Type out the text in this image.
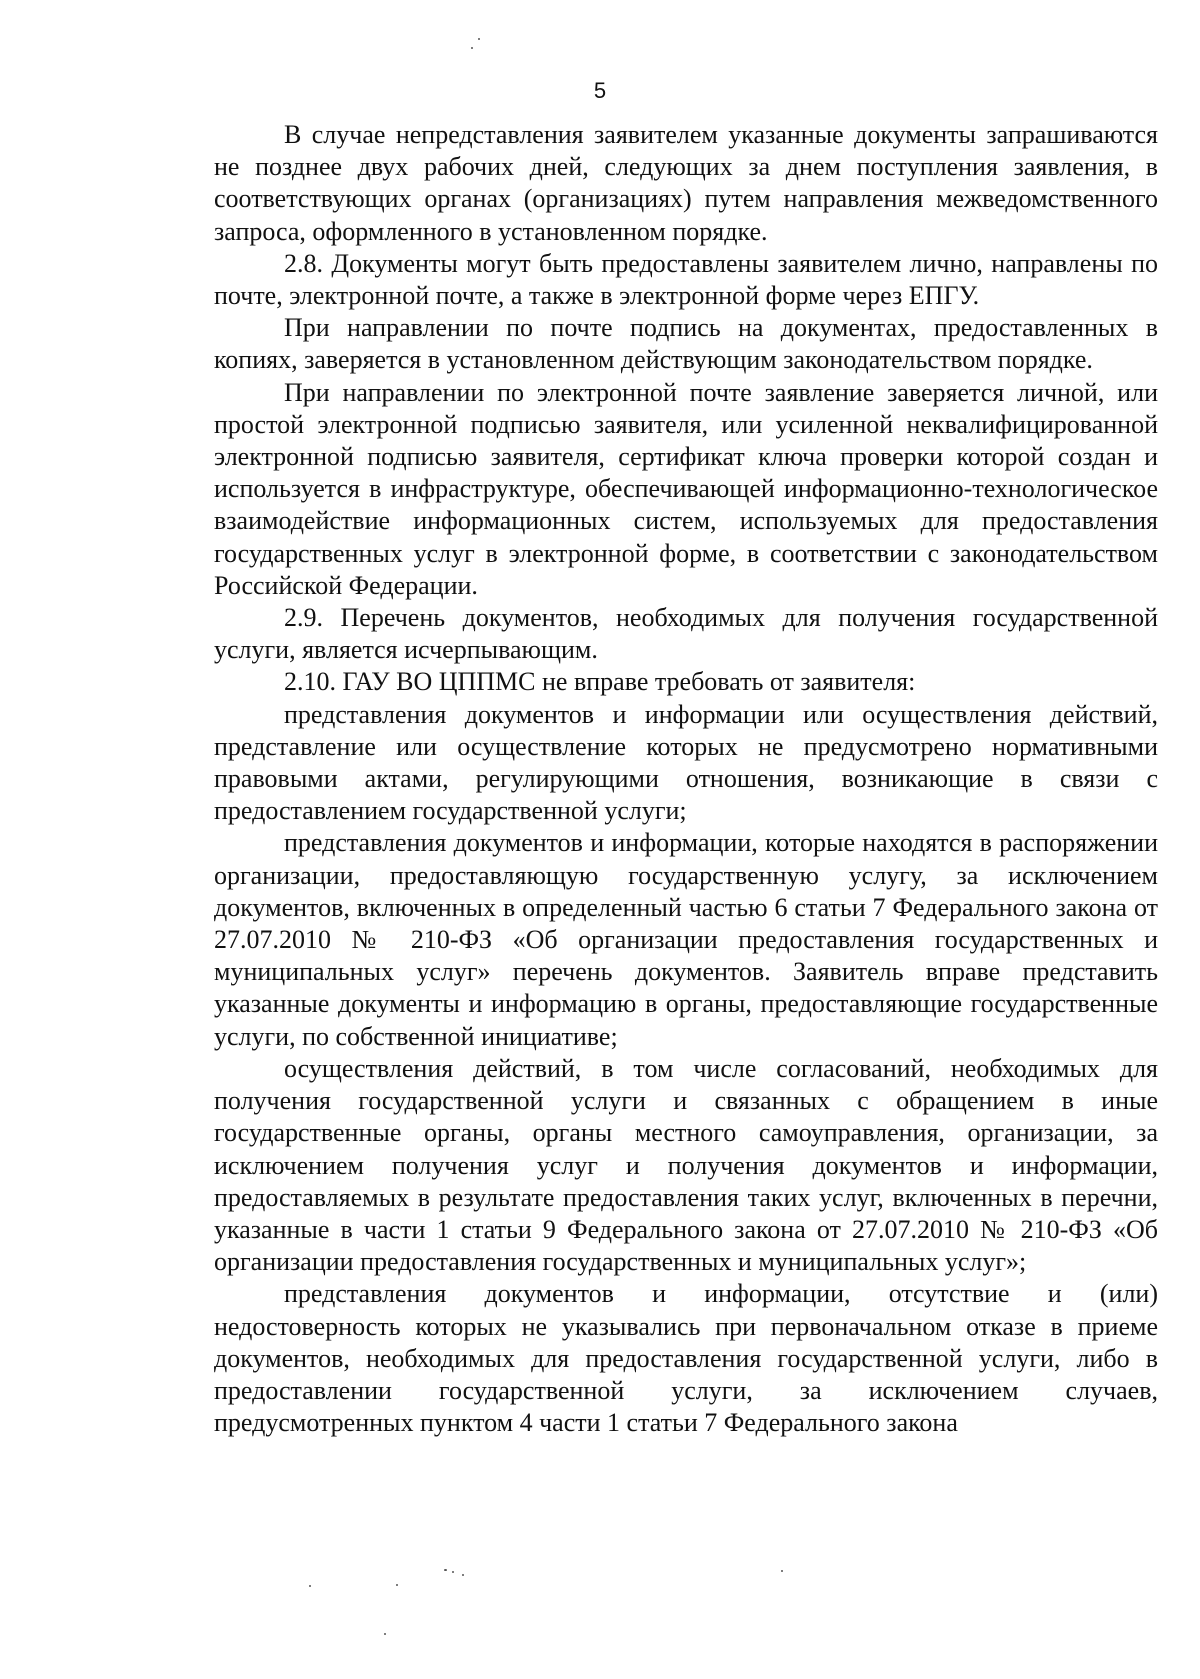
5

В случае непредставления заявителем указанные документы запрашиваются не позднее двух рабочих дней, следующих за днем поступления заявления, в соответствующих органах (организациях) путем направления межведомственного запроса, оформленного в установленном порядке.

2.8. Документы могут быть предоставлены заявителем лично, направлены по почте, электронной почте, а также в электронной форме через ЕПГУ.

При направлении по почте подпись на документах, предоставленных в копиях, заверяется в установленном действующим законодательством порядке.

При направлении по электронной почте заявление заверяется личной, или простой электронной подписью заявителя, или усиленной неквалифицированной электронной подписью заявителя, сертификат ключа проверки которой создан и используется в инфраструктуре, обеспечивающей информационно-технологическое взаимодействие информационных систем, используемых для предоставления государственных услуг в электронной форме, в соответствии с законодательством Российской Федерации.

2.9. Перечень документов, необходимых для получения государственной услуги, является исчерпывающим.

2.10. ГАУ ВО ЦППМС не вправе требовать от заявителя:

представления документов и информации или осуществления действий, представление или осуществление которых не предусмотрено нормативными правовыми актами, регулирующими отношения, возникающие в связи с предоставлением государственной услуги;

представления документов и информации, которые находятся в распоряжении организации, предоставляющую государственную услугу, за исключением документов, включенных в определенный частью 6 статьи 7 Федерального закона от 27.07.2010 № 210-ФЗ «Об организации предоставления государственных и муниципальных услуг» перечень документов. Заявитель вправе представить указанные документы и информацию в органы, предоставляющие государственные услуги, по собственной инициативе;

осуществления действий, в том числе согласований, необходимых для получения государственной услуги и связанных с обращением в иные государственные органы, органы местного самоуправления, организации, за исключением получения услуг и получения документов и информации, предоставляемых в результате предоставления таких услуг, включенных в перечни, указанные в части 1 статьи 9 Федерального закона от 27.07.2010 № 210-ФЗ «Об организации предоставления государственных и муниципальных услуг»;

представления документов и информации, отсутствие и (или) недостоверность которых не указывались при первоначальном отказе в приеме документов, необходимых для предоставления государственной услуги, либо в предоставлении государственной услуги, за исключением случаев, предусмотренных пунктом 4 части 1 статьи 7 Федерального закона
